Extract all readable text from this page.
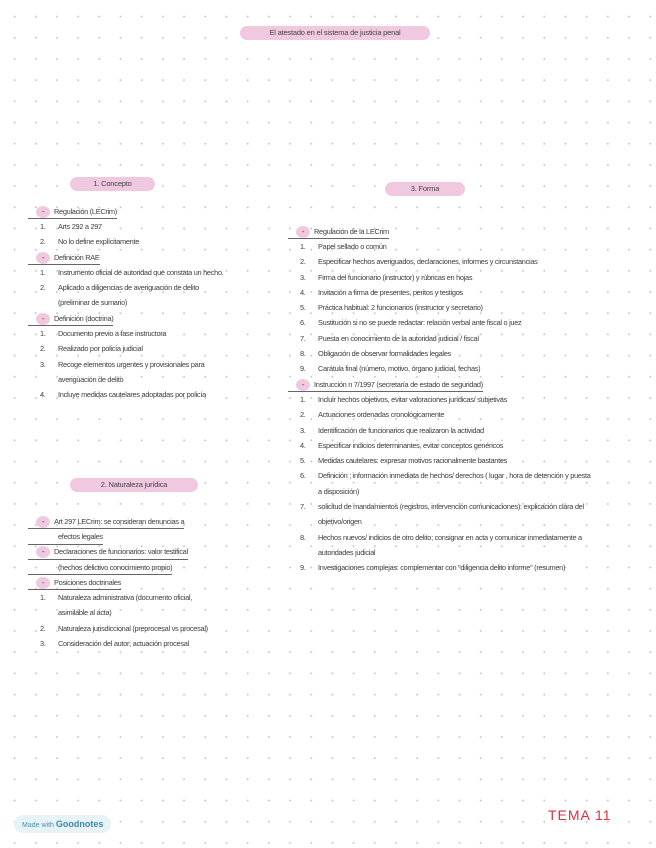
El atestado en el sistema de justicia penal
1. Concepto
-	Regulación (LECrim)
1.	Arts 292 a 297
2.	No lo define explícitamente
-	Definición RAE
1.	Instrumento oficial de autoridad que constata un hecho.
2.	Aplicado a diligencias de averiguación de delito
(preliminar de sumario)
-	Definición (doctrina)
1.	Documento previo a fase instructora
2.	Realizado por policía judicial
3.	Recoge elementos urgentes y provisionales para
averiguación de delito
4.	Incluye medidas cautelares adoptadas por policía
2. Naturaleza jurídica
-	Art 297 LECrim: se consideran denuncias a
efectos legales
-	Declaraciones de funcionarios: valor testifical
(hechos delictivo conocimiento propio)
-	Posiciones doctrinales
1.	Naturaleza administrativa (documento oficial,
asimilable al acta)
2.	Naturaleza jurisdiccional (preprocesal vs procesal)
3.	Consideración del autor; actuación procesal
3. Forma
-	Regulación de la LECrim
1.	Papel sellado o común
2.	Especificar hechos averiguados, declaraciones, informes y circunstancias
3.	Firma del funcionario (instructor) y rúbricas en hojas
4.	Invitación a firma de presentes, peritos y testigos
5.	Práctica habitual: 2 funcionarios (instructor y secretario)
6.	Sustitución si no se puede redactar: relación verbal ante fiscal o juez
7.	Puesta en conocimiento de la autoridad judicial / fiscal
8.	Obligación de observar formalidades legales
9.	Carátula final (número, motivo, órgano judicial, fechas)
-	Instrucción n 7/1997 (secretaría de estado de seguridad)
1.	Incluir hechos objetivos, evitar valoraciones jurídicas/ subjetivas
2.	Actuaciones ordenadas cronológicamente
3.	Identificación de funcionarios que realizaron la actividad
4.	Especificar indicios determinantes, evitar conceptos genéricos
5.	Medidas cautelares: expresar motivos racionalmente bastantes
6.	Definición ; información inmediata de hechos/ derechos ( lugar , hora de detención y puesta
a disposición)
7.	solicitud de mandamientos (registros, intervención comunicaciones): explicación clara del
objetivo/origen
8.	Hechos nuevos/ indicios de otro delito; consignar en acta y comunicar inmediatamente a
autoridades judicial
9.	Investigaciones complejas: complementar con "diligencia delito informe" (resumen)
Made with Goodnotes
TEMA 11
